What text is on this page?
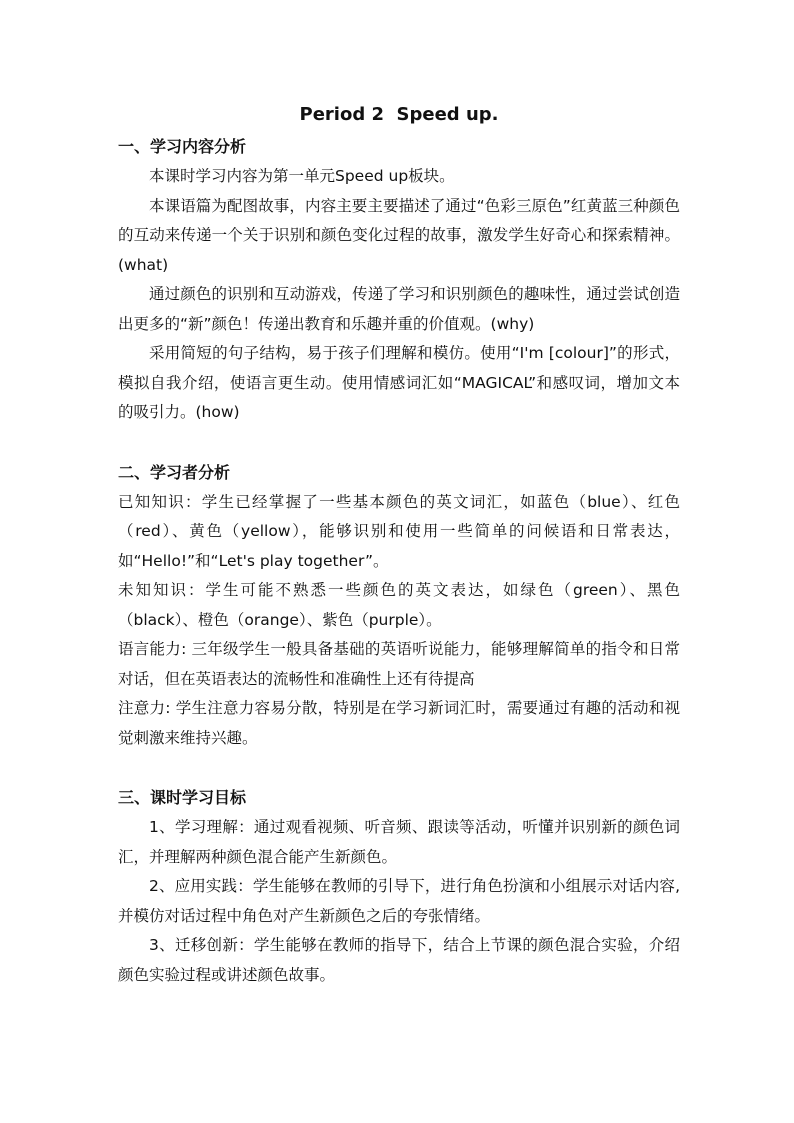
Period 2  Speed up.
一、学习内容分析

本课时学习内容为第一单元Speed up板块。

本课语篇为配图故事，内容主要主要描述了通过“色彩三原色”红黄蓝三种颜色的互动来传递一个关于识别和颜色变化过程的故事，激发学生好奇心和探索精神。(what)

通过颜色的识别和互动游戏，传递了学习和识别颜色的趣味性，通过尝试创造出更多的“新”颜色！传递出教育和乐趣并重的价值观。(why)

采用简短的句子结构，易于孩子们理解和模仿。使用“I'm [colour]”的形式，模拟自我介绍，使语言更生动。使用情感词汇如“MAGICAL”和感叹词，增加文本的吸引力。(how)

二、学习者分析

已知知识：学生已经掌握了一些基本颜色的英文词汇，如蓝色（blue）、红色（red）、黄色（yellow），能够识别和使用一些简单的问候语和日常表达，如“Hello!”和“Let's play together”。

未知知识：学生可能不熟悉一些颜色的英文表达，如绿色（green）、黑色（black）、橙色（orange）、紫色（purple）。

语言能力: 三年级学生一般具备基础的英语听说能力，能够理解简单的指令和日常对话，但在英语表达的流畅性和准确性上还有待提高

注意力: 学生注意力容易分散，特别是在学习新词汇时，需要通过有趣的活动和视觉刺激来维持兴趣。

三、课时学习目标

1、学习理解：通过观看视频、听音频、跟读等活动，听懂并识别新的颜色词汇，并理解两种颜色混合能产生新颜色。

2、应用实践：学生能够在教师的引导下，进行角色扮演和小组展示对话内容,并模仿对话过程中角色对产生新颜色之后的夸张情绪。

3、迁移创新：学生能够在教师的指导下，结合上节课的颜色混合实验，介绍颜色实验过程或讲述颜色故事。
